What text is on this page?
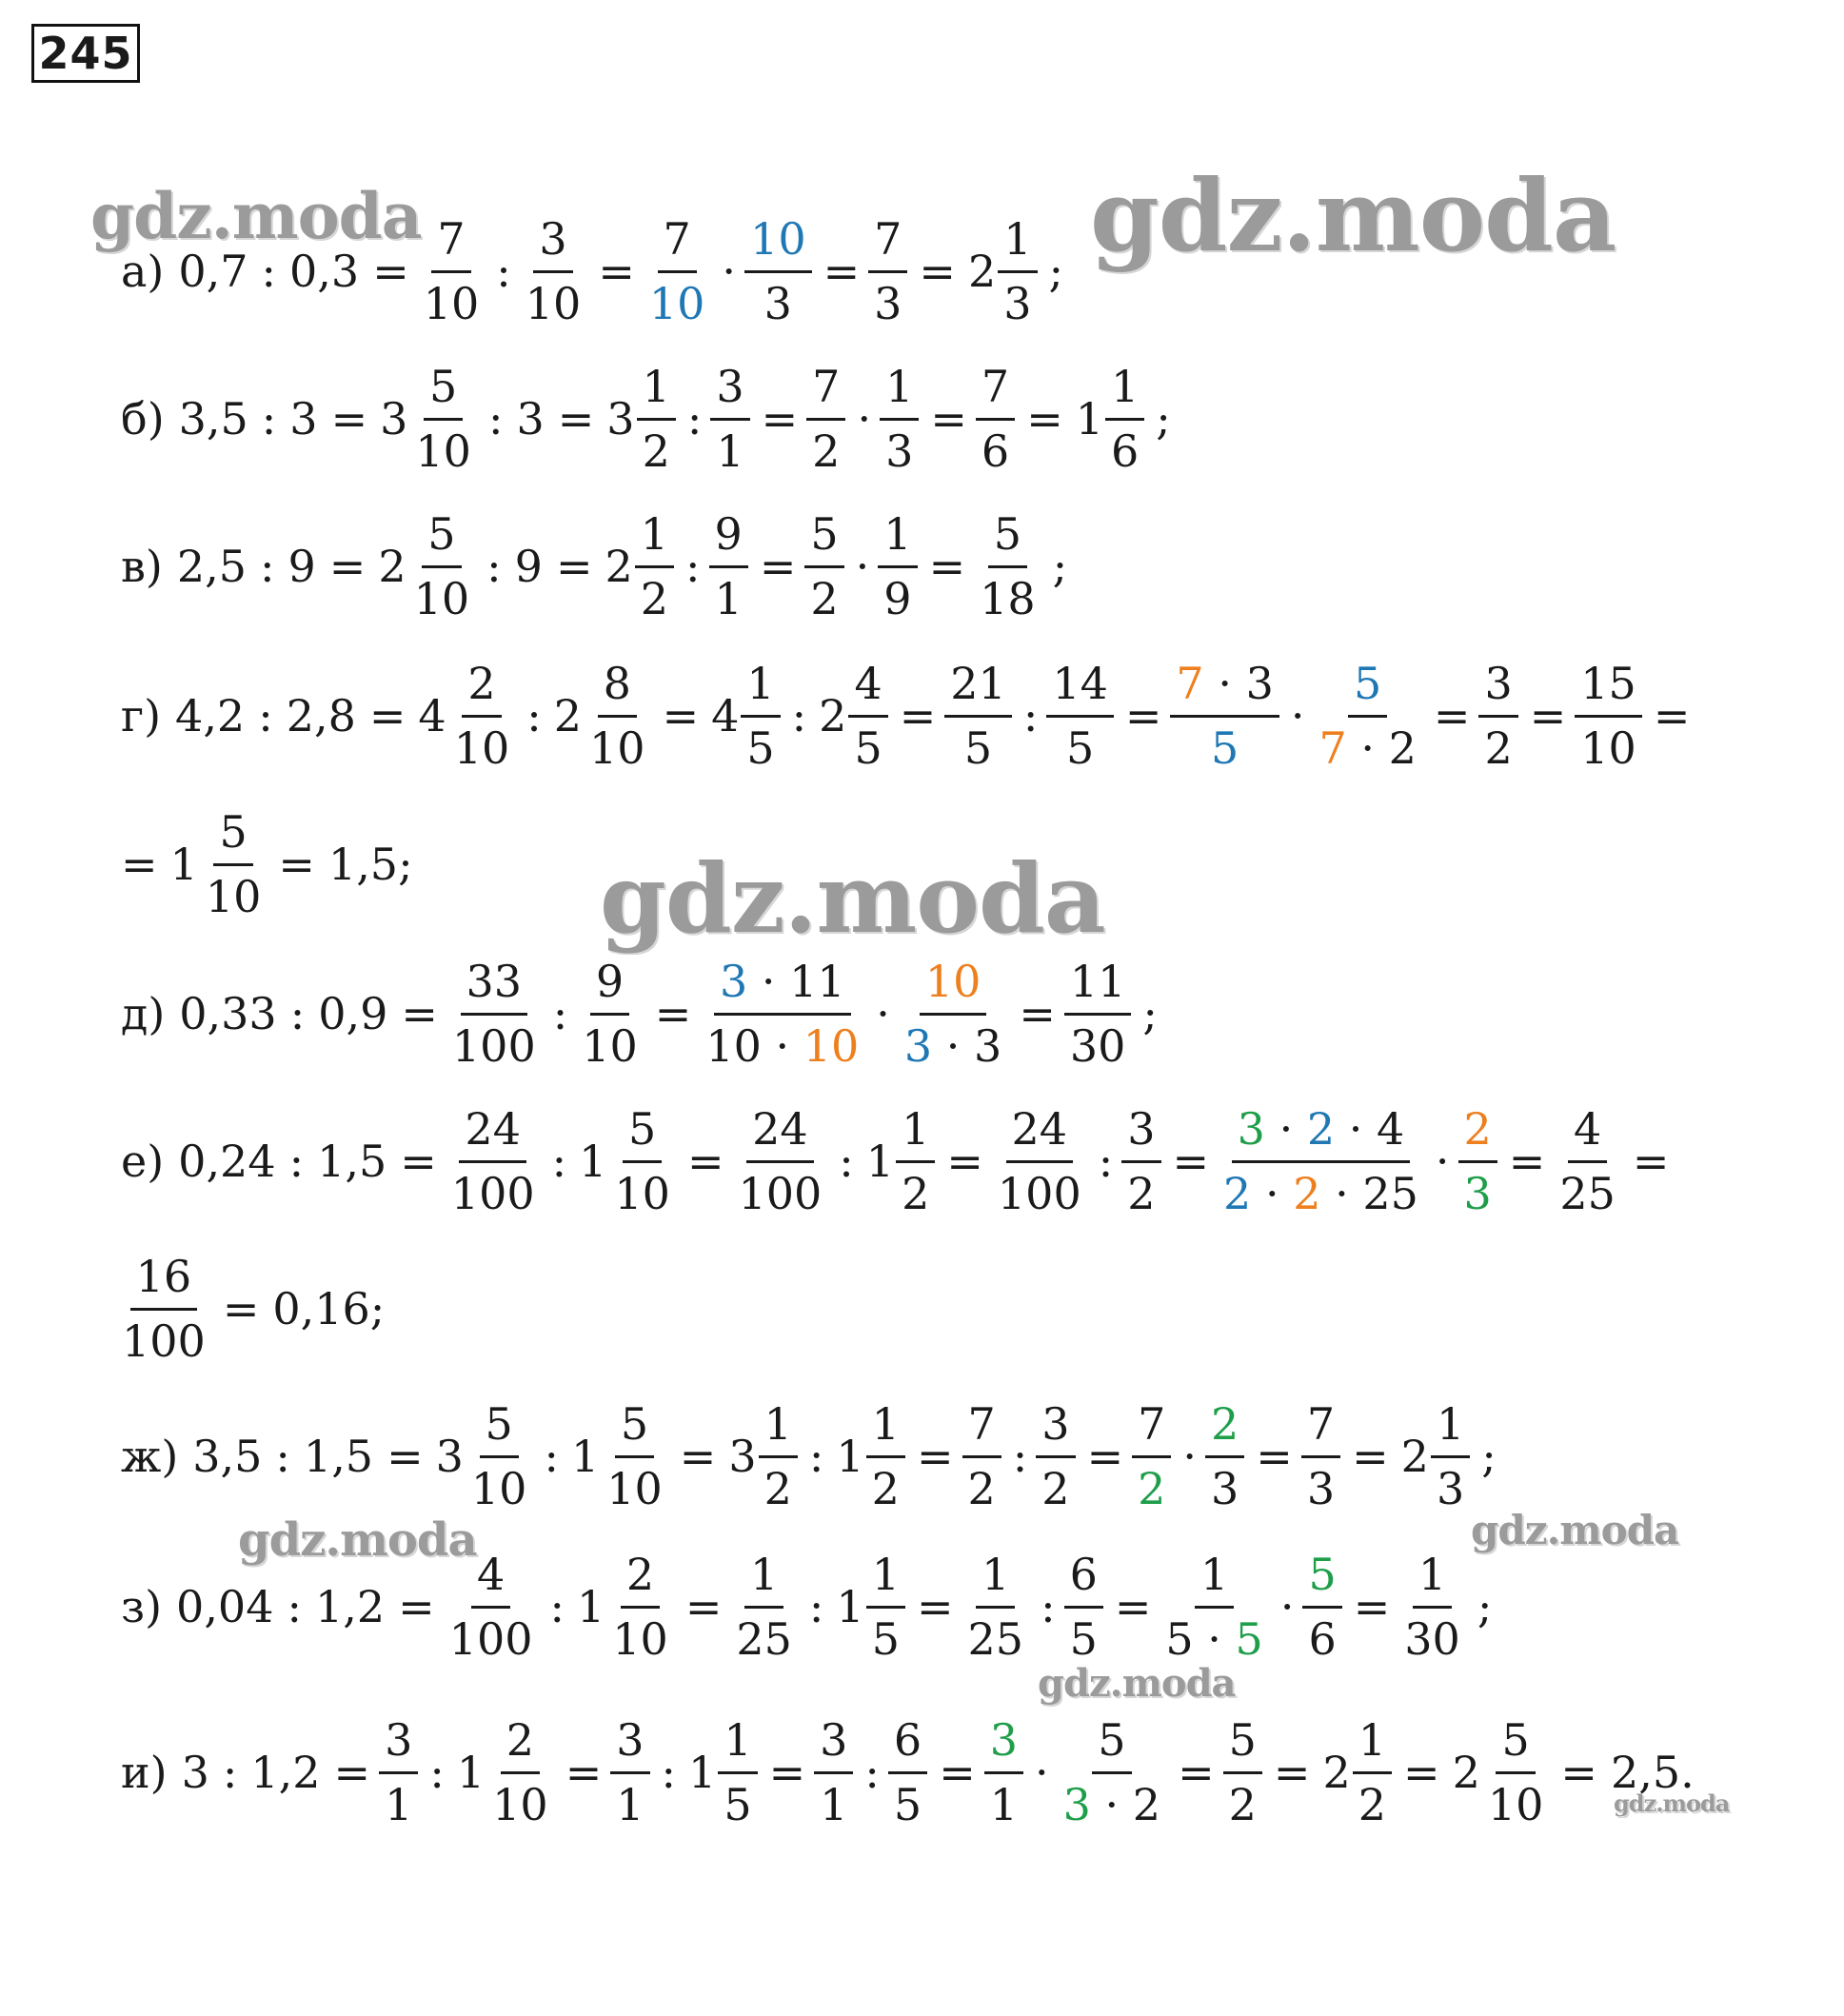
245
а) 0,7 : $0,3 = \frac{7}{10}$ : $\frac{3}{10} = \frac{7}{10} \cdot \frac{10}{3} = \frac{7}{3} = 2 \frac{1}{3}$ ;
б) 3,5 : $3 = 3 \frac{5}{10}$ : $3 = 3 \frac{1}{2}$ : $\frac{3}{1} = \frac{7}{2} \cdot \frac{1}{3} = \frac{7}{6} = 1 \frac{1}{6}$ ;
в) 2,5 : $9 = 2 \frac{5}{10}$ : $9 = 2 \frac{1}{2}$ : $\frac{9}{1} = \frac{5}{2} \cdot \frac{1}{9} = \frac{5}{18}$ ;
г) 4,2 : $2,8 = 4 \frac{2}{10}$ : $2 \frac{8}{10} = 4 \frac{1}{5}$ : $2 \frac{4}{5} = \frac{21}{5}$ : $\frac{14}{5} = \frac{7 \cdot 3}{5} \cdot \frac{5}{7 \cdot 2} = \frac{3}{2} = \frac{15}{10}$ =
= $1 \frac{5}{10} = 1,5$;
д) 0,33 : $0,9 = \frac{33}{100}$ : $\frac{9}{10} = \frac{3 \cdot 11}{10 \cdot 10} \cdot \frac{10}{3 \cdot 3} = \frac{11}{30}$ ;
е) 0,24 : $1,5 = \frac{24}{100}$ : $1 \frac{5}{10} = \frac{24}{100}$ : $1 \frac{1}{2} = \frac{24}{100}$ : $\frac{3}{2} = \frac{3 \cdot 2 \cdot 4}{2 \cdot 2 \cdot 25} \cdot \frac{2}{3} = \frac{4}{25}$ =
$\frac{16}{100} = 0,16$;
ж) 3,5 : $1,5 = 3 \frac{5}{10}$ : $1 \frac{5}{10} = 3 \frac{1}{2}$ : $1 \frac{1}{2} = \frac{7}{2}$ : $\frac{3}{2} = \frac{7}{2} \cdot \frac{2}{3} = \frac{7}{3} = 2 \frac{1}{3}$ ;
з) 0,04 : $1,2 = \frac{4}{100}$ : $1 \frac{2}{10} = \frac{1}{25}$ : $1 \frac{1}{5} = \frac{1}{25}$ : $\frac{6}{5} = \frac{1}{5 \cdot 5} \cdot \frac{5}{6} = \frac{1}{30}$ ;
и) 3 : $1,2 = \frac{3}{1}$ : $1 \frac{2}{10} = \frac{3}{1}$ : $1 \frac{1}{5} = \frac{3}{1}$ : $\frac{6}{5} = \frac{3}{1} \cdot \frac{5}{3 \cdot 2} = \frac{5}{2} = 2 \frac{1}{2} = 2 \frac{5}{10} = 2,5$.
gdz.moda	gdz.moda
gdz.moda
gdz.moda	gdz.moda
gdz.moda
gdz.moda
